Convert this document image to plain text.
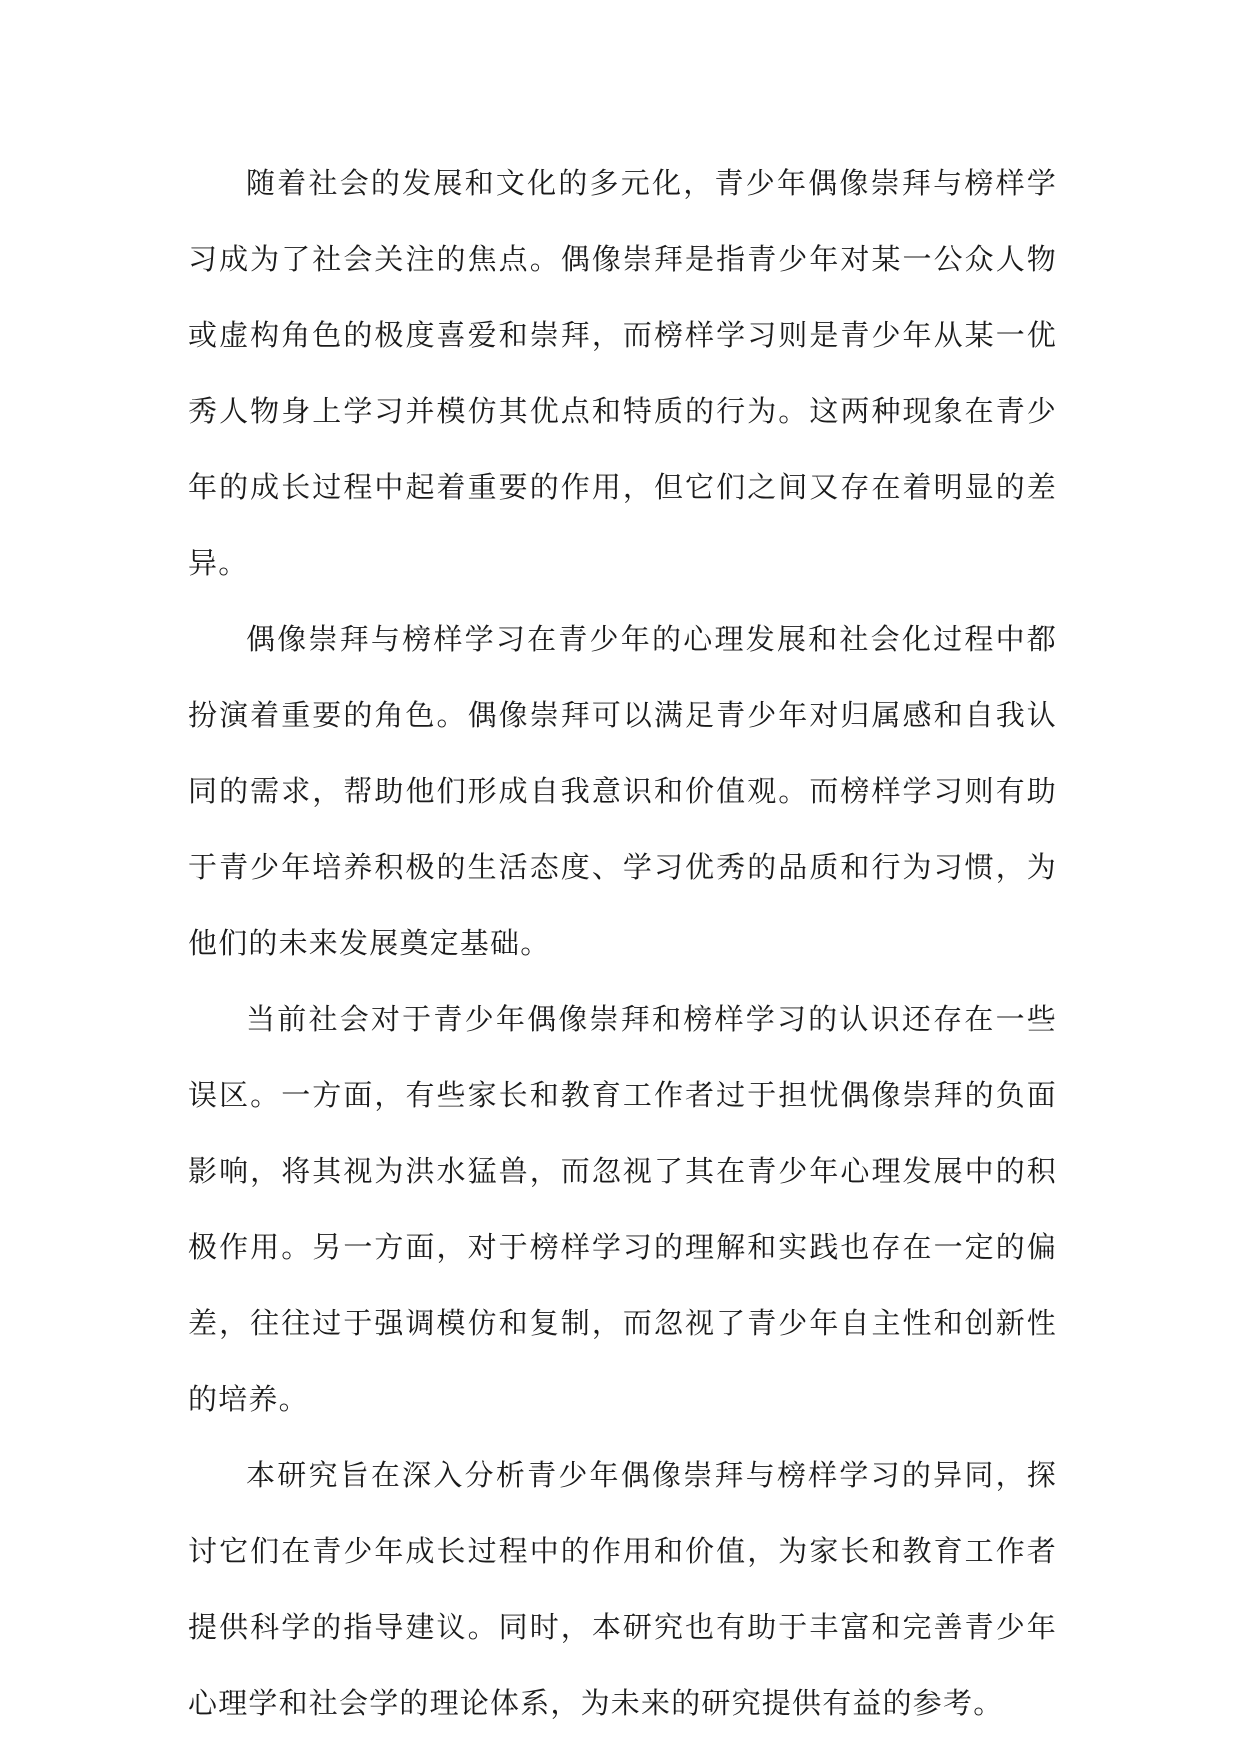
随着社会的发展和文化的多元化，青少年偶像崇拜与榜样学习成为了社会关注的焦点。偶像崇拜是指青少年对某一公众人物或虚构角色的极度喜爱和崇拜，而榜样学习则是青少年从某一优秀人物身上学习并模仿其优点和特质的行为。这两种现象在青少年的成长过程中起着重要的作用，但它们之间又存在着明显的差异。

偶像崇拜与榜样学习在青少年的心理发展和社会化过程中都扮演着重要的角色。偶像崇拜可以满足青少年对归属感和自我认同的需求，帮助他们形成自我意识和价值观。而榜样学习则有助于青少年培养积极的生活态度、学习优秀的品质和行为习惯，为他们的未来发展奠定基础。

当前社会对于青少年偶像崇拜和榜样学习的认识还存在一些误区。一方面，有些家长和教育工作者过于担忧偶像崇拜的负面影响，将其视为洪水猛兽，而忽视了其在青少年心理发展中的积极作用。另一方面，对于榜样学习的理解和实践也存在一定的偏差，往往过于强调模仿和复制，而忽视了青少年自主性和创新性的培养。

本研究旨在深入分析青少年偶像崇拜与榜样学习的异同，探讨它们在青少年成长过程中的作用和价值，为家长和教育工作者提供科学的指导建议。同时，本研究也有助于丰富和完善青少年心理学和社会学的理论体系，为未来的研究提供有益的参考。
